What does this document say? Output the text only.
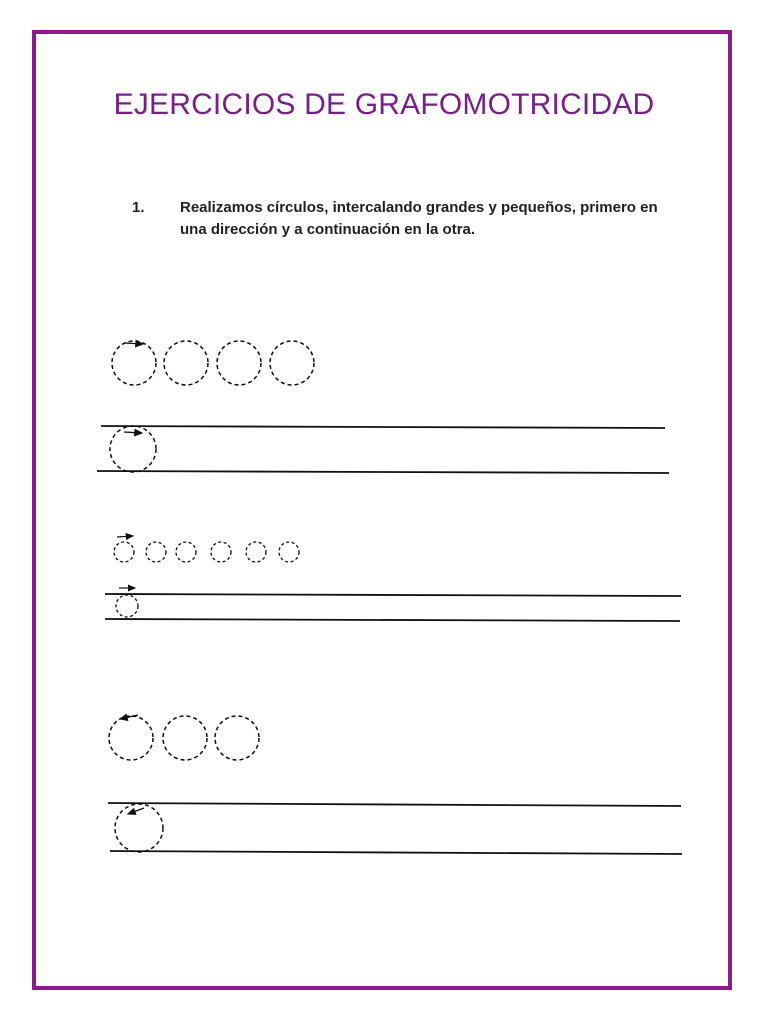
EJERCICIOS DE GRAFOMOTRICIDAD
1. Realizamos círculos, intercalando grandes y pequeños, primero en una dirección y a continuación en la otra.
